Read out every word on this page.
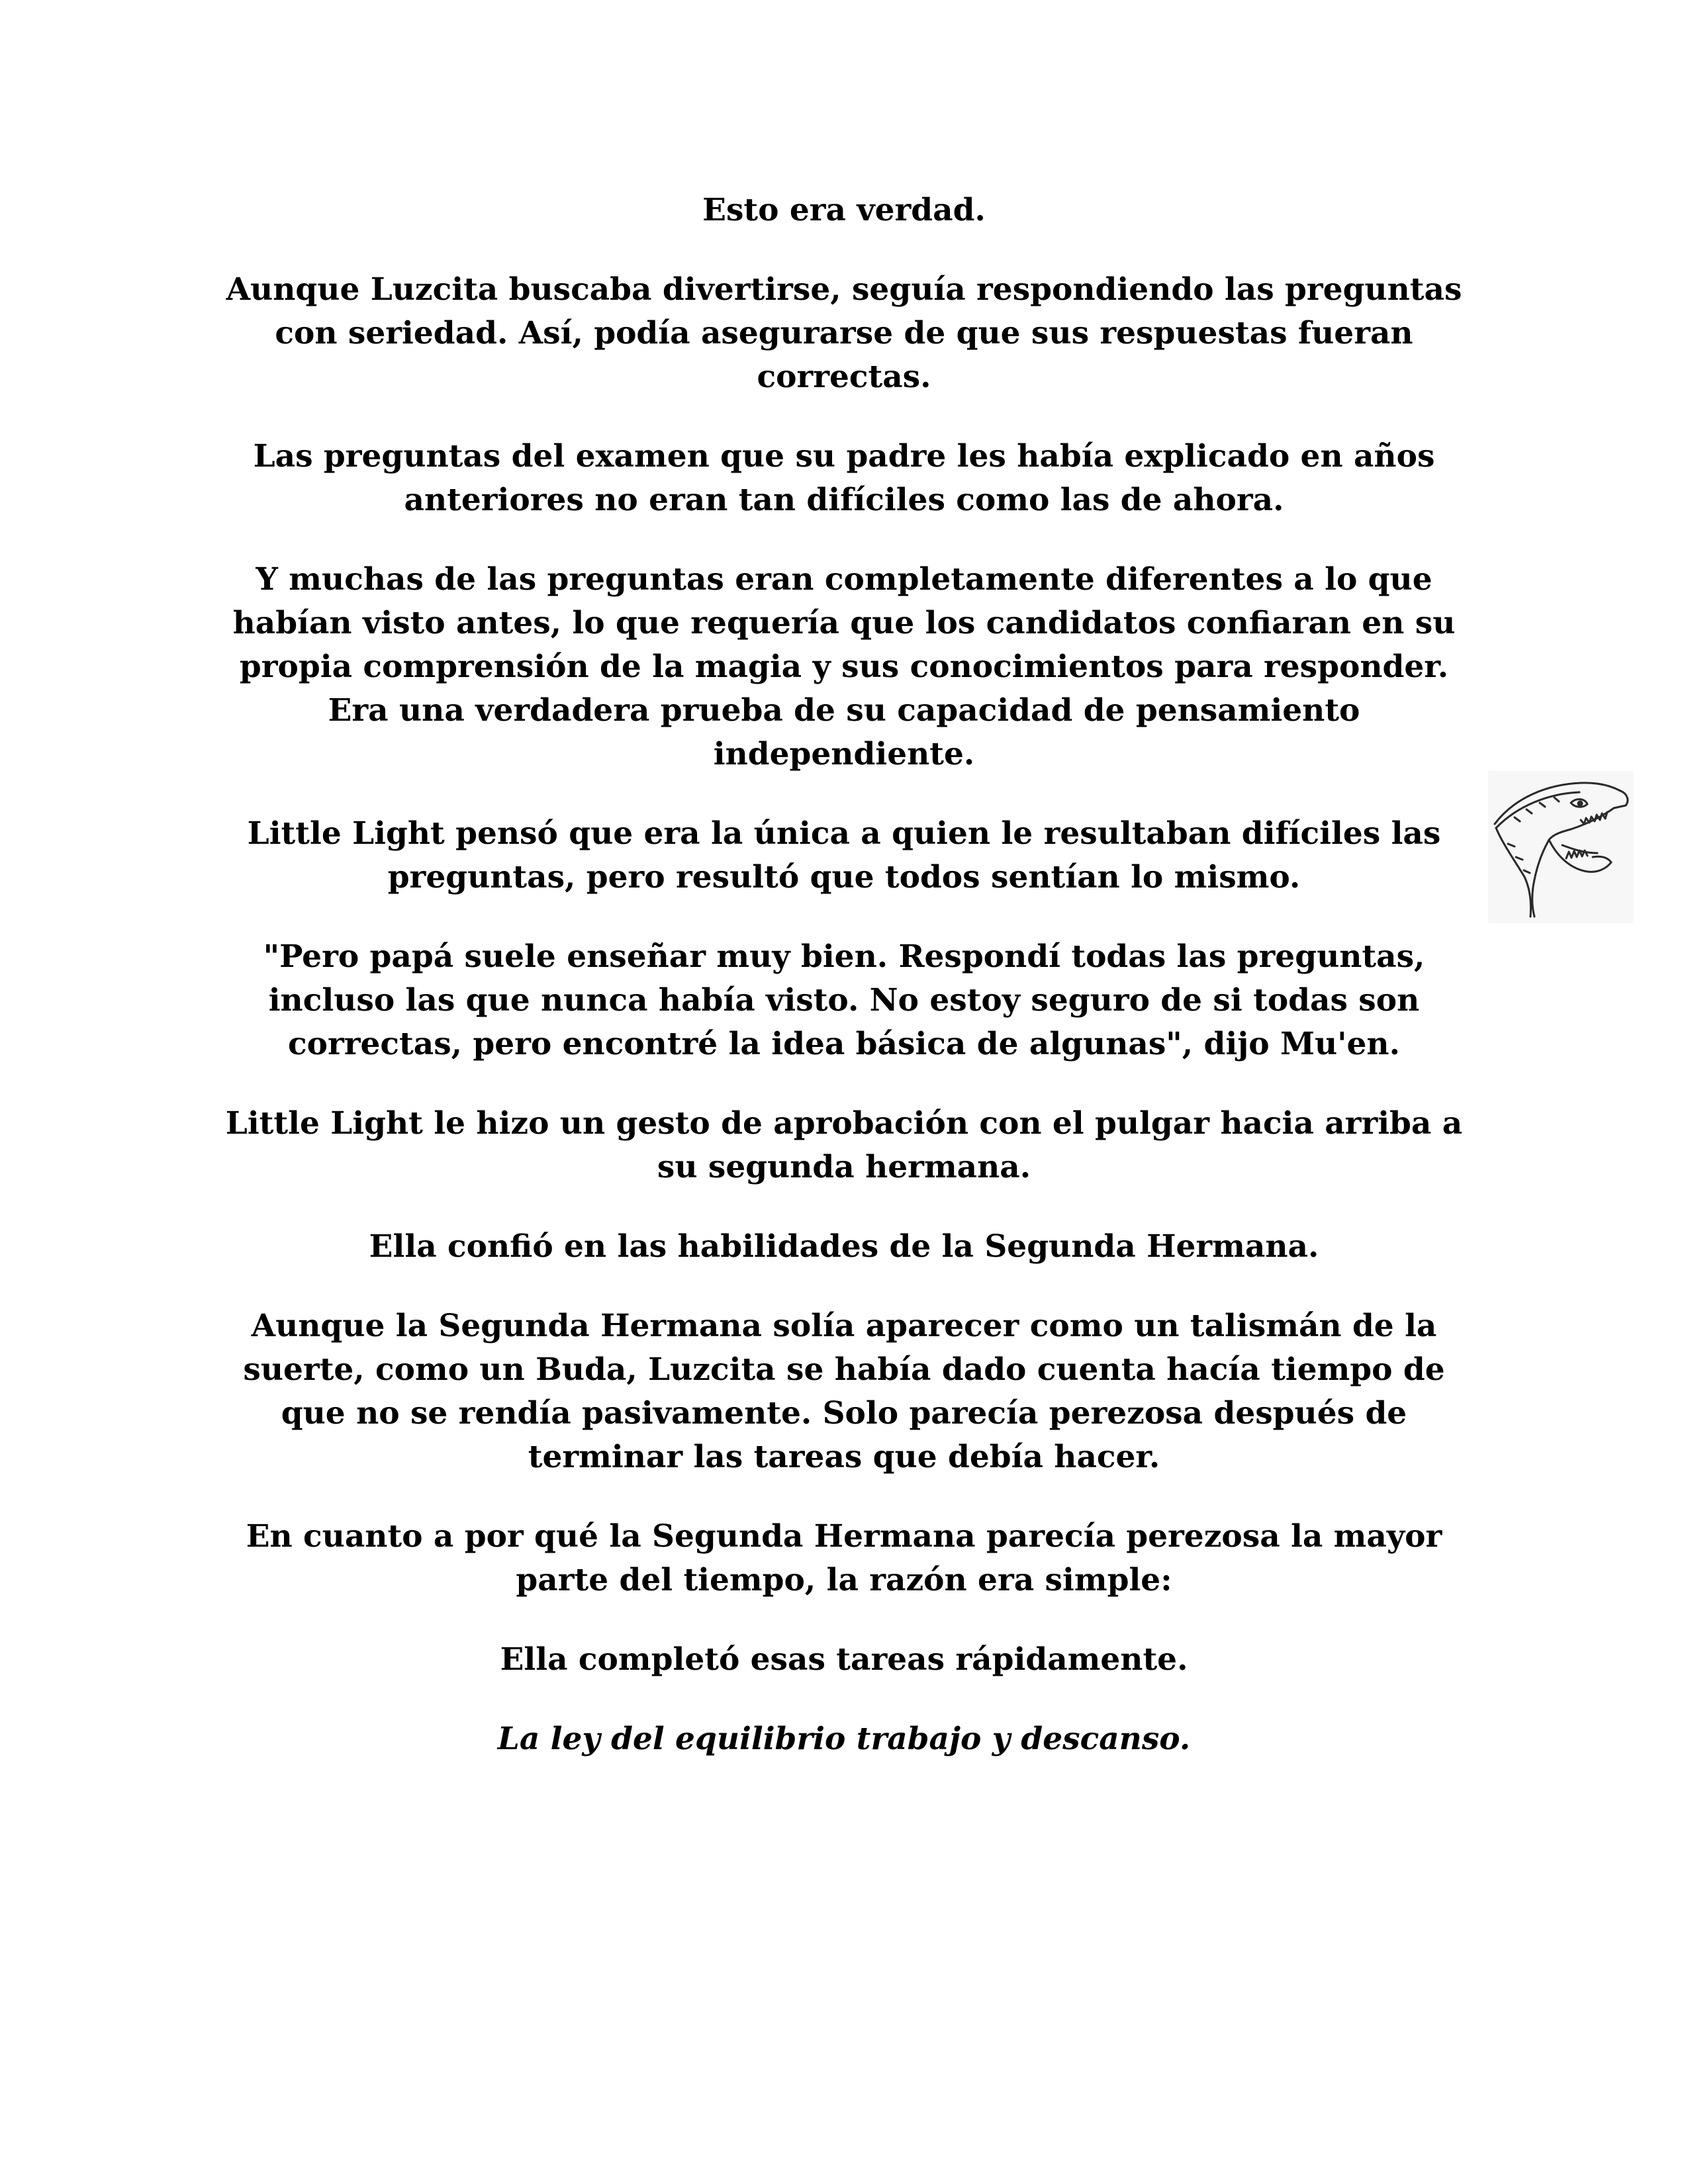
Esto era verdad.

Aunque Luzcita buscaba divertirse, seguía respondiendo las preguntas con seriedad. Así, podía asegurarse de que sus respuestas fueran correctas.

Las preguntas del examen que su padre les había explicado en años anteriores no eran tan difíciles como las de ahora.

Y muchas de las preguntas eran completamente diferentes a lo que habían visto antes, lo que requería que los candidatos confiaran en su propia comprensión de la magia y sus conocimientos para responder. Era una verdadera prueba de su capacidad de pensamiento independiente.

Little Light pensó que era la única a quien le resultaban difíciles las preguntas, pero resultó que todos sentían lo mismo.

"Pero papá suele enseñar muy bien. Respondí todas las preguntas, incluso las que nunca había visto. No estoy seguro de si todas son correctas, pero encontré la idea básica de algunas", dijo Mu'en.

Little Light le hizo un gesto de aprobación con el pulgar hacia arriba a su segunda hermana.

Ella confió en las habilidades de la Segunda Hermana.

Aunque la Segunda Hermana solía aparecer como un talismán de la suerte, como un Buda, Luzcita se había dado cuenta hacía tiempo de que no se rendía pasivamente. Solo parecía perezosa después de terminar las tareas que debía hacer.

En cuanto a por qué la Segunda Hermana parecía perezosa la mayor parte del tiempo, la razón era simple:

Ella completó esas tareas rápidamente.

La ley del equilibrio trabajo y descanso.
